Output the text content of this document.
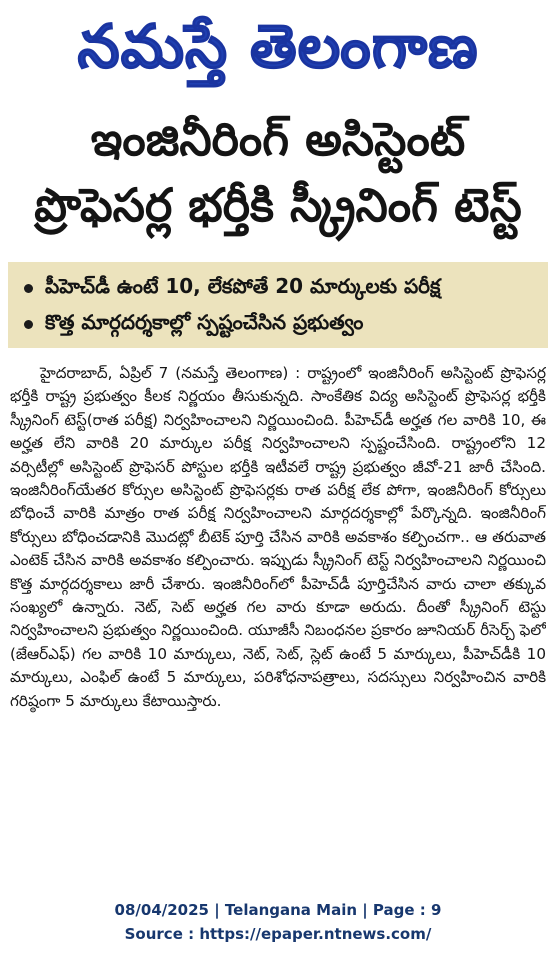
నమస్తే తెలంగాణ
ఇంజినీరింగ్ అసిస్టెంట్
ప్రొఫెసర్ల భర్తీకి స్క్రీనింగ్ టెస్ట్
పీహెచ్‌డీ ఉంటే 10, లేకపోతే 20 మార్కులకు పరీక్ష
కొత్త మార్గదర్శకాల్లో స్పష్టంచేసిన ప్రభుత్వం
హైదరాబాద్, ఏప్రిల్ 7 (నమస్తే తెలంగాణ) : రాష్ట్రంలో ఇంజినీరింగ్ అసిస్టెంట్ ప్రొఫెసర్ల భర్తీకి రాష్ట్ర ప్రభుత్వం కీలక నిర్ణయం తీసుకున్నది. సాంకేతిక విద్య అసిస్టెంట్ ప్రొఫెసర్ల భర్తీకి స్క్రీనింగ్ టెస్ట్(రాత పరీక్ష) నిర్వహించాలని నిర్ణయించింది. పీహెచ్‌డీ అర్హత గల వారికి 10, ఈ అర్హత లేని వారికి 20 మార్కుల పరీక్ష నిర్వహించాలని స్పష్టంచేసింది. రాష్ట్రంలోని 12 వర్సిటీల్లో అసిస్టెంట్ ప్రొఫెసర్ పోస్టుల భర్తీకి ఇటీవలే రాష్ట్ర ప్రభుత్వం జీవో-21 జారీ చేసింది. ఇంజినీరింగ్‌యేతర కోర్సుల అసిస్టెంట్ ప్రొఫెసర్లకు రాత పరీక్ష లేక పోగా, ఇంజినీరింగ్ కోర్సులు బోధించే వారికి మాత్రం రాత పరీక్ష నిర్వహించాలని మార్గదర్శకాల్లో పేర్కొన్నది. ఇంజినీరింగ్ కోర్సులు బోధించడానికి మొదట్లో బీటెక్ పూర్తి చేసిన వారికి అవకాశం కల్పించగా.. ఆ తరువాత ఎంటెక్ చేసిన వారికి అవకాశం కల్పించారు. ఇప్పుడు స్క్రీనింగ్ టెస్ట్ నిర్వహించాలని నిర్ణయించి కొత్త మార్గదర్శకాలు జారీ చేశారు. ఇంజినీరింగ్‌లో పీహెచ్‌డీ పూర్తిచేసిన వారు చాలా తక్కువ సంఖ్యలో ఉన్నారు. నెట్, సెట్ అర్హత గల వారు కూడా అరుదు. దీంతో స్క్రీనింగ్ టెస్టు నిర్వహించాలని ప్రభుత్వం నిర్ణయించింది. యూజీసీ నిబంధనల ప్రకారం జూనియర్ రీసెర్చ్ ఫెలో (జేఆర్‌ఎఫ్) గల వారికి 10 మార్కులు, నెట్, సెట్, స్లెట్ ఉంటే 5 మార్కులు, పీహెచ్‌డీకి 10 మార్కులు, ఎంఫిల్ ఉంటే 5 మార్కులు, పరిశోధనాపత్రాలు, సదస్సులు నిర్వహించిన వారికి గరిష్ఠంగా 5 మార్కులు కేటాయిస్తారు.
08/04/2025 | Telangana Main | Page : 9
Source : https://epaper.ntnews.com/
